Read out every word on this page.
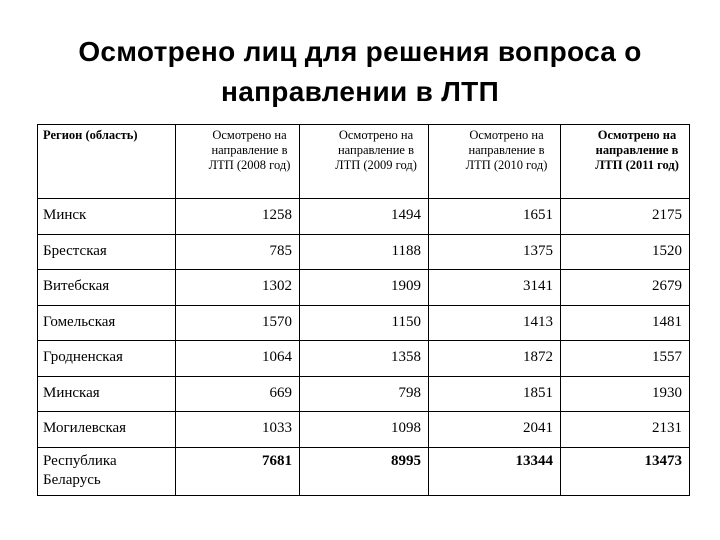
Осмотрено лиц для решения вопроса о
направлении в ЛТП
Регион (область)	Осмотрено на направление в ЛТП (2008 год)	Осмотрено на направление в ЛТП (2009 год)	Осмотрено на направление в ЛТП (2010 год)	Осмотрено на направление в ЛТП (2011 год)

Минск	1258	1494	1651	2175
Брестская	785	1188	1375	1520
Витебская	1302	1909	3141	2679
Гомельская	1570	1150	1413	1481
Гродненская	1064	1358	1872	1557
Минская	669	798	1851	1930
Могилевская	1033	1098	2041	2131
Республика Беларусь	7681	8995	13344	13473
